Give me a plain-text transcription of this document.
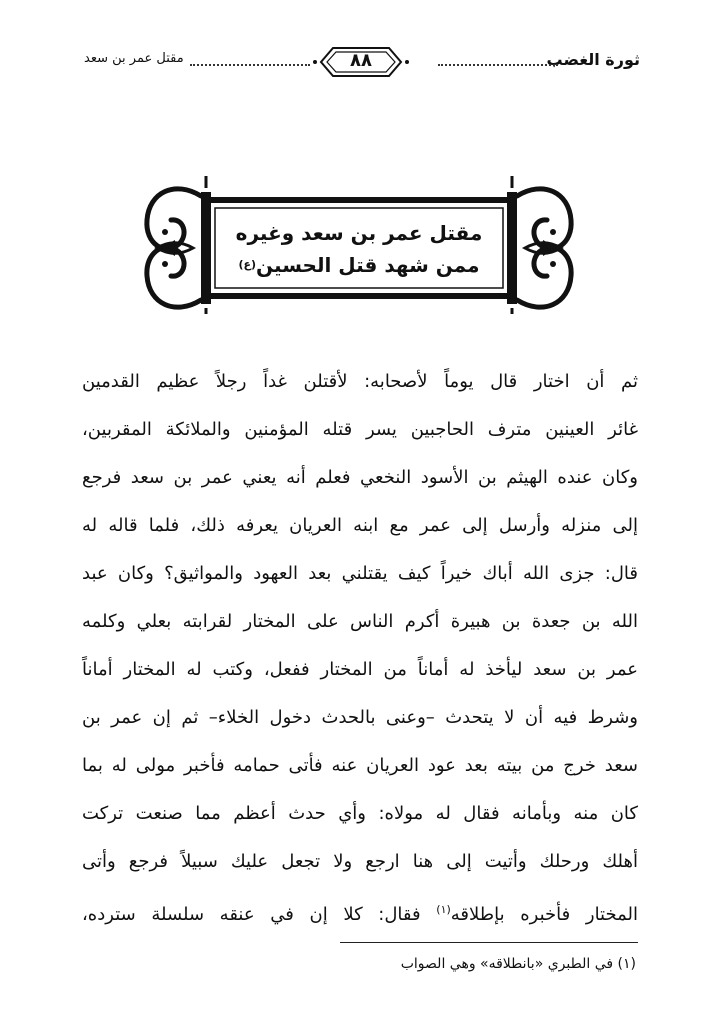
ثورة الغضب
٨٨
مقتل عمر بن سعد
مقتل عمر بن سعد وغيره
ممن شهد قتل الحسين$^{(ع)}$
ثم أن اختار قال يوماً لأصحابه: لأقتلن غداً رجلاً عظيم القدمين
غائر العينين مترف الحاجبين يسر قتله المؤمنين والملائكة المقربين،
وكان عنده الهيثم بن الأسود النخعي فعلم أنه يعني عمر بن سعد فرجع
إلى منزله وأرسل إلى عمر مع ابنه العريان يعرفه ذلك، فلما قاله له
قال: جزى الله أباك خيراً كيف يقتلني بعد العهود والمواثيق؟ وكان عبد
الله بن جعدة بن هبيرة أكرم الناس على المختار لقرابته بعلي وكلمه
عمر بن سعد ليأخذ له أماناً من المختار ففعل، وكتب له المختار أماناً
وشرط فيه أن لا يتحدث –وعنى بالحدث دخول الخلاء– ثم إن عمر بن
سعد خرج من بيته بعد عود العريان عنه فأتى حمامه فأخبر مولى له بما
كان منه وبأمانه فقال له مولاه: وأي حدث أعظم مما صنعت تركت
أهلك ورحلك وأتيت إلى هنا ارجع ولا تجعل عليك سبيلاً فرجع وأتى
المختار فأخبره بإطلاقه$^{(١)}$ فقال: كلا إن في عنقه سلسلة سترده،
(١) في الطبري «بانطلاقه» وهي الصواب
